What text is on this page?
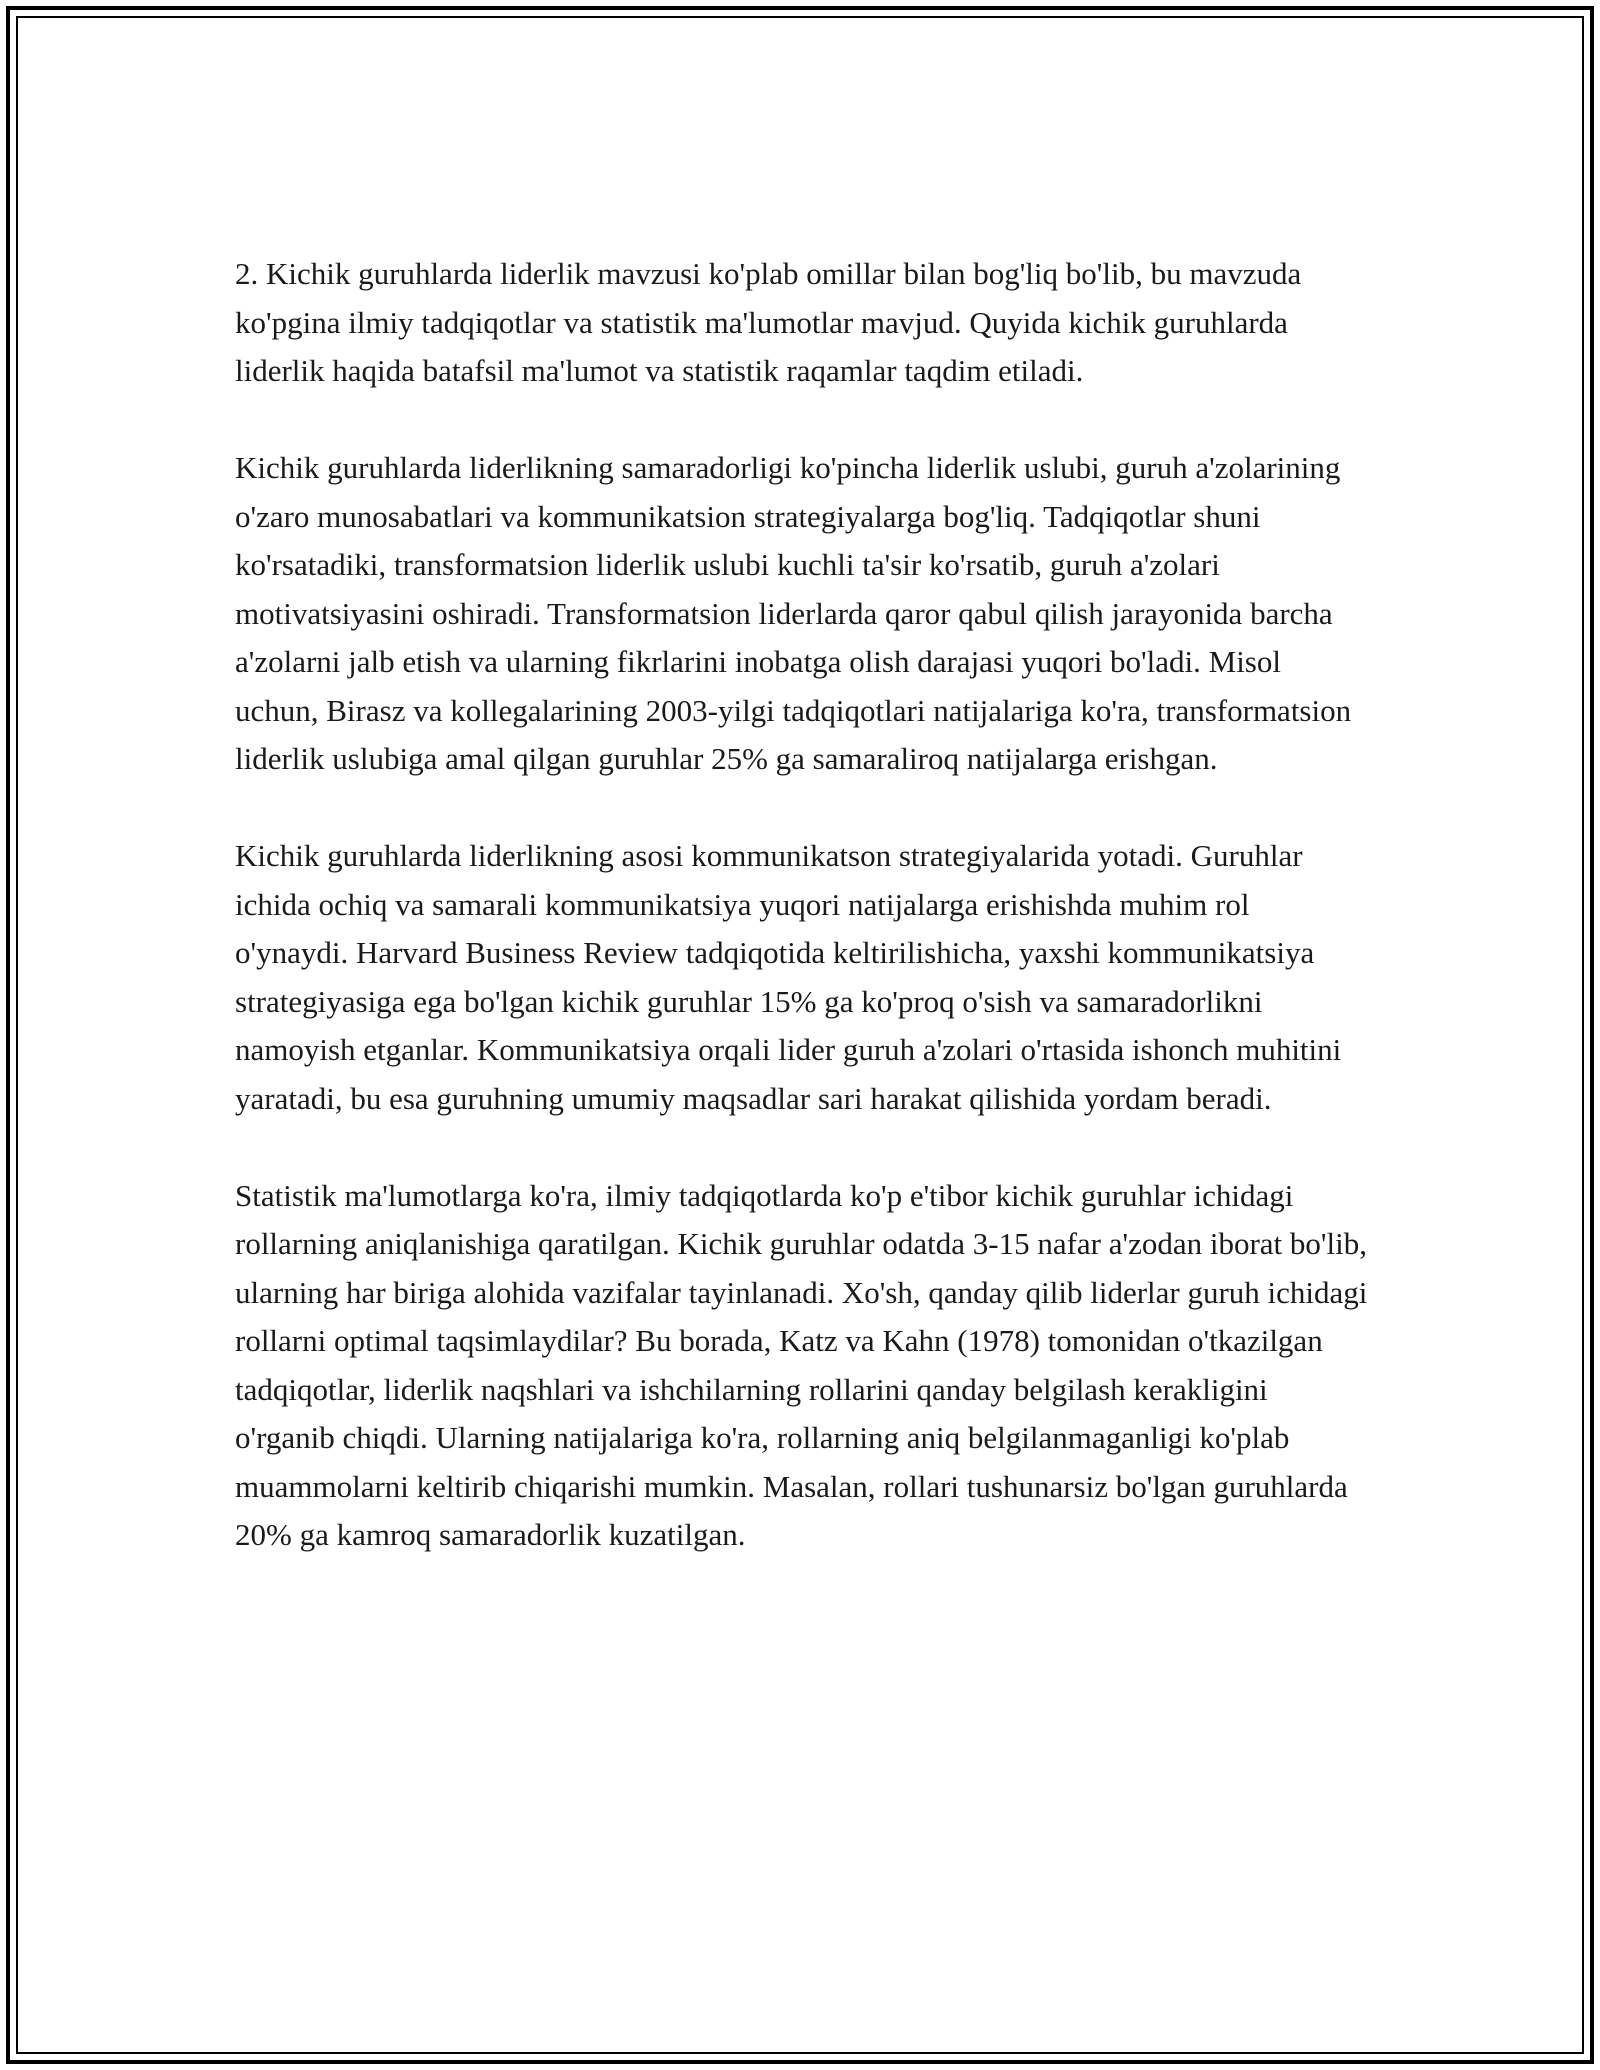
2. Kichik guruhlarda liderlik mavzusi ko'plab omillar bilan bog'liq bo'lib, bu mavzuda ko'pgina ilmiy tadqiqotlar va statistik ma'lumotlar mavjud. Quyida kichik guruhlarda liderlik haqida batafsil ma'lumot va statistik raqamlar taqdim etiladi.

Kichik guruhlarda liderlikning samaradorligi ko'pincha liderlik uslubi, guruh a'zolarining o'zaro munosabatlari va kommunikatsion strategiyalarga bog'liq. Tadqiqotlar shuni ko'rsatadiki, transformatsion liderlik uslubi kuchli ta'sir ko'rsatib, guruh a'zolari motivatsiyasini oshiradi. Transformatsion liderlarda qaror qabul qilish jarayonida barcha a'zolarni jalb etish va ularning fikrlarini inobatga olish darajasi yuqori bo'ladi. Misol uchun, Birasz va kollegalarining 2003-yilgi tadqiqotlari natijalariga ko'ra, transformatsion liderlik uslubiga amal qilgan guruhlar 25% ga samaraliroq natijalarga erishgan.

Kichik guruhlarda liderlikning asosi kommunikatson strategiyalarida yotadi. Guruhlar ichida ochiq va samarali kommunikatsiya yuqori natijalarga erishishda muhim rol o'ynaydi. Harvard Business Review tadqiqotida keltirilishicha, yaxshi kommunikatsiya strategiyasiga ega bo'lgan kichik guruhlar 15% ga ko'proq o'sish va samaradorlikni namoyish etganlar. Kommunikatsiya orqali lider guruh a'zolari o'rtasida ishonch muhitini yaratadi, bu esa guruhning umumiy maqsadlar sari harakat qilishida yordam beradi.

Statistik ma'lumotlarga ko'ra, ilmiy tadqiqotlarda ko'p e'tibor kichik guruhlar ichidagi rollarning aniqlanishiga qaratilgan. Kichik guruhlar odatda 3-15 nafar a'zodan iborat bo'lib, ularning har biriga alohida vazifalar tayinlanadi. Xo'sh, qanday qilib liderlar guruh ichidagi rollarni optimal taqsimlaydilar? Bu borada, Katz va Kahn (1978) tomonidan o'tkazilgan tadqiqotlar, liderlik naqshlari va ishchilarning rollarini qanday belgilash kerakligini o'rganib chiqdi. Ularning natijalariga ko'ra, rollarning aniq belgilanmaganligi ko'plab muammolarni keltirib chiqarishi mumkin. Masalan, rollari tushunarsiz bo'lgan guruhlarda 20% ga kamroq samaradorlik kuzatilgan.
